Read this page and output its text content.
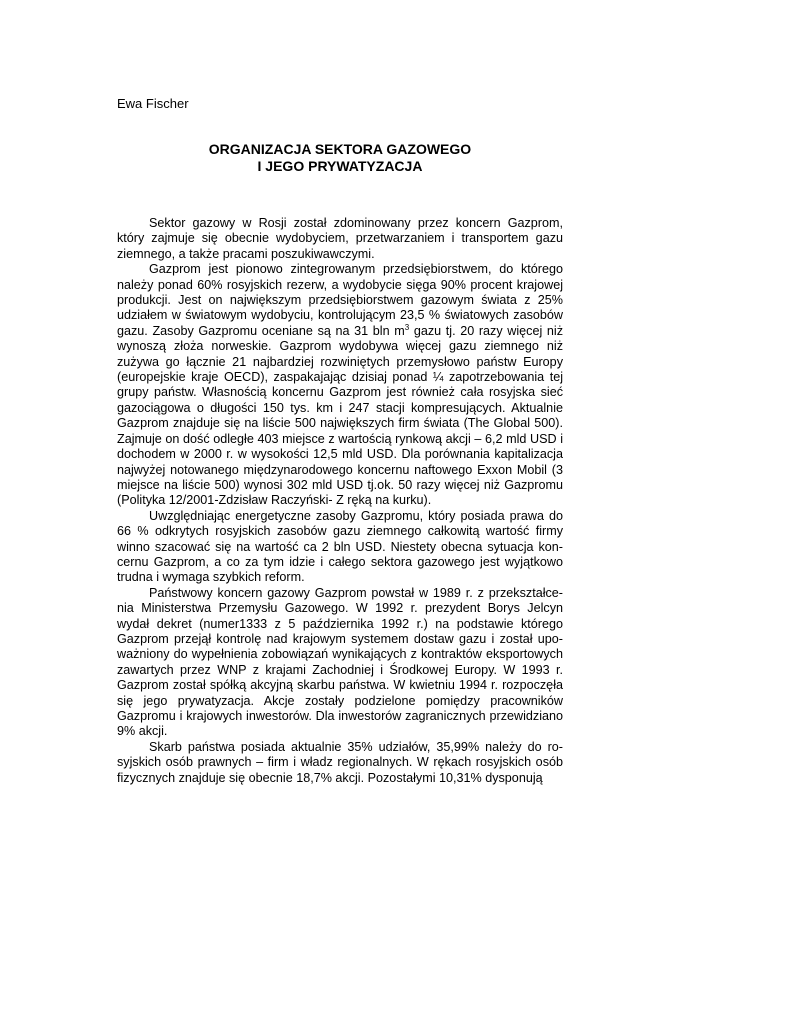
Ewa Fischer
ORGANIZACJA SEKTORA GAZOWEGO
I JEGO PRYWATYZACJA

Sektor gazowy w Rosji został zdominowany przez koncern Gazprom, który zajmuje się obecnie wydobyciem, przetwarzaniem i transportem gazu ziemnego, a także pracami poszukiwawczymi.

Gazprom jest pionowo zintegrowanym przedsiębiorstwem, do którego należy ponad 60% rosyjskich rezerw, a wydobycie sięga 90% procent krajowej produkcji. Jest on największym przedsiębiorstwem gazowym świata z 25% udziałem w światowym wydobyciu, kontrolującym 23,5 % światowych zasobów gazu. Zasoby Gazpromu oceniane są na 31 bln $m^3$ gazu tj. 20 razy więcej niż wynoszą złoża norweskie. Gazprom wydobywa więcej gazu ziemnego niż zużywa go łącznie 21 najbardziej rozwiniętych przemysłowo państw Europy (europejskie kraje OECD), zaspakajając dzisiaj ponad ¼ zapotrzebowania tej grupy państw. Własnością koncernu Gazprom jest również cała rosyjska sieć gazociągowa o długości 150 tys. km i 247 stacji kompresujących. Aktualnie Gazprom znajduje się na liście 500 największych firm świata (The Global 500). Zajmuje on dość odległe 403 miejsce z wartością rynkową akcji – 6,2 mld USD i dochodem w 2000 r. w wysokości 12,5 mld USD. Dla porównania kapitalizacja najwyżej notowanego międzynarodowego koncernu naftowego Exxon Mobil (3 miejsce na liście 500) wynosi 302 mld USD tj.ok. 50 razy więcej niż Gazpromu (Polityka 12/2001-Zdzisław Raczyński- Z ręką na kurku).

Uwzględniając energetyczne zasoby Gazpromu, który posiada prawa do 66 % odkrytych rosyjskich zasobów gazu ziemnego całkowitą wartość firmy winno szacować się na wartość ca 2 bln USD. Niestety obecna sytuacja koncernu Gazprom, a co za tym idzie i całego sektora gazowego jest wyjątkowo trudna i wymaga szybkich reform.

Państwowy koncern gazowy Gazprom powstał w 1989 r. z przekształcenia Ministerstwa Przemysłu Gazowego. W 1992 r. prezydent Borys Jelcyn wydał dekret (numer1333 z 5 października 1992 r.) na podstawie którego Gazprom przejął kontrolę nad krajowym systemem dostaw gazu i został upoważniony do wypełnienia zobowiązań wynikających z kontraktów eksportowych zawartych przez WNP z krajami Zachodniej i Środkowej Europy. W 1993 r. Gazprom został spółką akcyjną skarbu państwa. W kwietniu 1994 r. rozpoczęła się jego prywatyzacja. Akcje zostały podzielone pomiędzy pracowników Gazpromu i krajowych inwestorów. Dla inwestorów zagranicznych przewidziano 9% akcji.

Skarb państwa posiada aktualnie 35% udziałów, 35,99% należy do rosyjskich osób prawnych – firm i władz regionalnych. W rękach rosyjskich osób fizycznych znajduje się obecnie 18,7% akcji. Pozostałymi 10,31% dysponują
